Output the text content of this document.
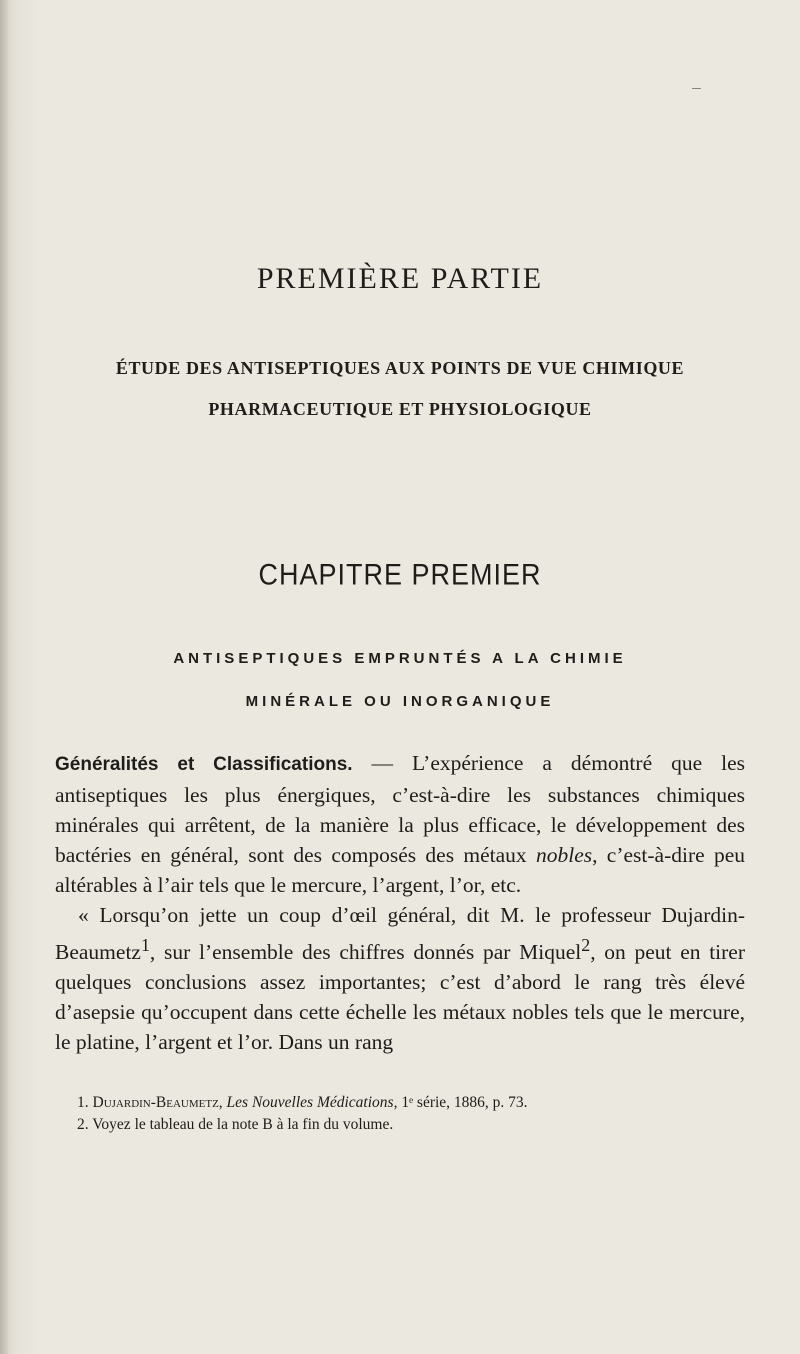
PREMIÈRE PARTIE
ÉTUDE DES ANTISEPTIQUES AUX POINTS DE VUE CHIMIQUE
PHARMACEUTIQUE ET PHYSIOLOGIQUE
CHAPITRE PREMIER
ANTISEPTIQUES EMPRUNTÉS A LA CHIMIE
MINÉRALE OU INORGANIQUE

Généralités et Classifications. — L’expérience a démontré que les antiseptiques les plus énergiques, c’est-à-dire les substances chimiques minérales qui arrêtent, de la manière la plus efficace, le développement des bactéries en général, sont des composés des métaux nobles, c’est-à-dire peu altérables à l’air tels que le mercure, l’argent, l’or, etc.

« Lorsqu’on jette un coup d’œil général, dit M. le professeur Dujardin-Beaumetz$^1$, sur l’ensemble des chiffres donnés par Miquel$^2$, on peut en tirer quelques conclusions assez importantes; c’est d’abord le rang très élevé d’asepsie qu’occupent dans cette échelle les métaux nobles tels que le mercure, le platine, l’argent et l’or. Dans un rang

1. Dujardin-Beaumetz, Les Nouvelles Médications, 1ᵉ série, 1886, p. 73.
2. Voyez le tableau de la note B à la fin du volume.
